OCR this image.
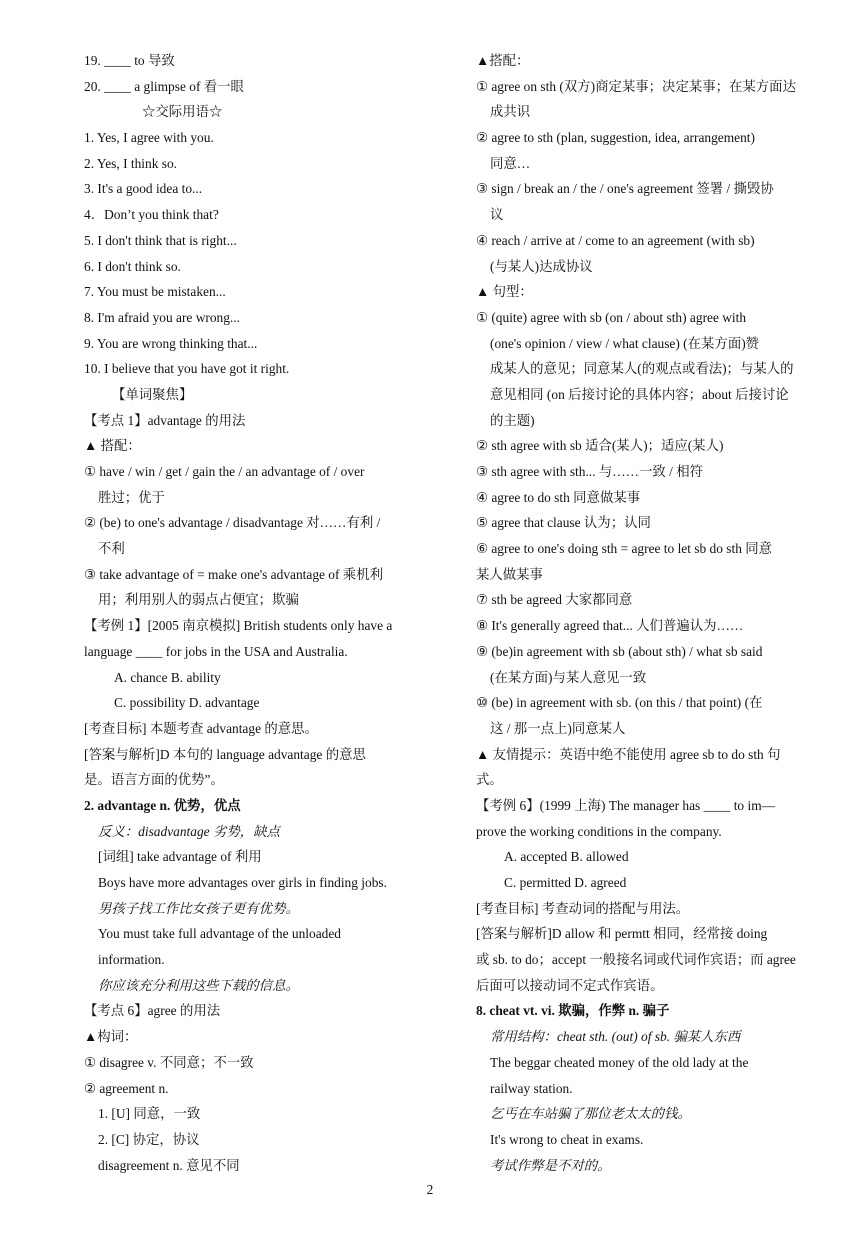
19. ____ to 导致
20. ____ a glimpse of 看一眼
☆交际用语☆
1. Yes, I agree with you.
2. Yes, I think so.
3. It's a good idea to...
4．Don’t you think that?
5. I don't think that is right...
6. I don't think so.
7. You must be mistaken...
8. I'm afraid you are wrong...
9. You are wrong thinking that...
10. I believe that you have got it right.
【单词聚焦】
【考点 1】advantage 的用法
▲ 搭配：
① have / win / get / gain the / an advantage of / over
胜过；优于
② (be) to one's advantage / disadvantage 对……有利 /
不利
③ take advantage of = make one's advantage of 乘机利
用；利用别人的弱点占便宜；欺骗
【考例 1】[2005 南京模拟] British students only have a
language ____ for jobs in the USA and Australia.
A. chance B. ability
C. possibility D. advantage
[考查目标] 本题考查 advantage 的意思。
[答案与解析]D 本句的 language advantage 的意思
是。语言方面的优势”。
2. advantage n. 优势，优点
反义：disadvantage 劣势，缺点
[词组] take advantage of 利用
Boys have more advantages over girls in finding jobs.
男孩子找工作比女孩子更有优势。
You must take full advantage of the unloaded
information.
你应该充分利用这些下载的信息。
【考点 6】agree 的用法
▲构词：
① disagree v. 不同意；不一致
② agreement n.
1. [U] 同意，一致
2. [C] 协定，协议
disagreement n. 意见不同
▲搭配：
① agree on sth (双方)商定某事；决定某事；在某方面达
成共识
② agree to sth (plan, suggestion, idea, arrangement)
同意…
③ sign / break an / the / one's agreement 签署 / 撕毁协
议
④ reach / arrive at / come to an agreement (with sb)
(与某人)达成协议
▲ 句型：
① (quite) agree with sb (on / about sth) agree with
(one's opinion / view / what clause) (在某方面)赞
成某人的意见；同意某人(的观点或看法)；与某人的
意见相同 (on 后接讨论的具体内容；about 后接讨论
的主题)
② sth agree with sb 适合(某人)；适应(某人)
③ sth agree with sth... 与……一致 / 相符
④ agree to do sth 同意做某事
⑤ agree that clause 认为；认同
⑥ agree to one's doing sth = agree to let sb do sth 同意
某人做某事
⑦ sth be agreed 大家都同意
⑧ It's generally agreed that... 人们普遍认为……
⑨ (be)in agreement with sb (about sth) / what sb said
(在某方面)与某人意见一致
⑩ (be) in agreement with sb. (on this / that point) (在
这 / 那一点上)同意某人
▲ 友情提示：英语中绝不能使用 agree sb to do sth 句
式。
【考例 6】(1999 上海) The manager has ____ to im—
prove the working conditions in the company.
A. accepted B. allowed
C. permitted D. agreed
[考查目标] 考查动词的搭配与用法。
[答案与解析]D allow 和 permtt 相同，经常接 doing
或 sb. to do；accept 一般接名词或代词作宾语；而 agree
后面可以接动词不定式作宾语。
8. cheat vt. vi. 欺骗，作弊 n. 骗子
常用结构：cheat sth. (out) of sb. 骗某人东西
The beggar cheated money of the old lady at the
railway station.
乞丐在车站骗了那位老太太的钱。
It's wrong to cheat in exams.
考试作弊是不对的。
2
